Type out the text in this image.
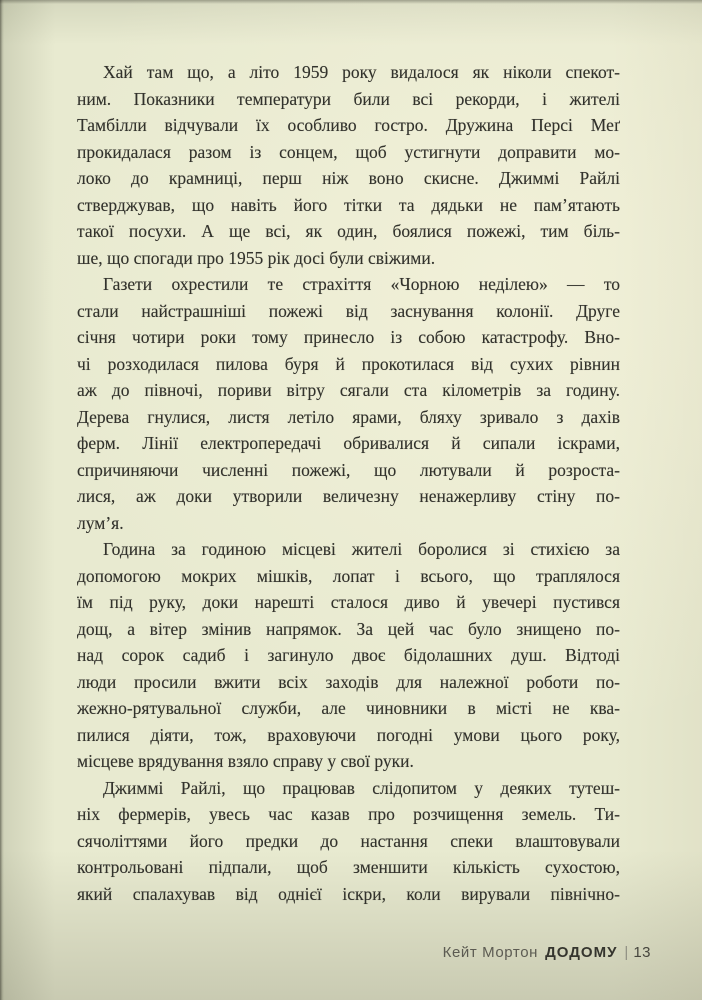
Хай там що, а літо 1959 року видалося як ніколи спекот-
ним. Показники температури били всі рекорди, і жителі
Тамбілли відчували їх особливо гостро. Дружина Персі Меґ
прокидалася разом із сонцем, щоб устигнути доправити мо-
локо до крамниці, перш ніж воно скисне. Джиммі Райлі
стверджував, що навіть його тітки та дядьки не пам’ятають
такої посухи. А ще всі, як один, боялися пожежі, тим біль-
ше, що спогади про 1955 рік досі були свіжими.
Газети охрестили те страхіття «Чорною неділею» — то
стали найстрашніші пожежі від заснування колонії. Друге
січня чотири роки тому принесло із собою катастрофу. Вно-
чі розходилася пилова буря й прокотилася від сухих рівнин
аж до півночі, пориви вітру сягали ста кілометрів за годину.
Дерева гнулися, листя летіло ярами, бляху зривало з дахів
ферм. Лінії електропередачі обривалися й сипали іскрами,
спричиняючи численні пожежі, що лютували й розроста-
лися, аж доки утворили величезну ненажерливу стіну по-
лум’я.
Година за годиною місцеві жителі боролися зі стихією за
допомогою мокрих мішків, лопат і всього, що траплялося
їм під руку, доки нарешті сталося диво й увечері пустився
дощ, а вітер змінив напрямок. За цей час було знищено по-
над сорок садиб і загинуло двоє бідолашних душ. Відтоді
люди просили вжити всіх заходів для належної роботи по-
жежно-рятувальної служби, але чиновники в місті не ква-
пилися діяти, тож, враховуючи погодні умови цього року,
місцеве врядування взяло справу у свої руки.
Джиммі Райлі, що працював слідопитом у деяких тутеш-
ніх фермерів, увесь час казав про розчищення земель. Ти-
сячоліттями його предки до настання спеки влаштовували
контрольовані підпали, щоб зменшити кількість сухостою,
який спалахував від однієї іскри, коли вирували північно-
Кейт Мортон ДОДОМУ | 13
